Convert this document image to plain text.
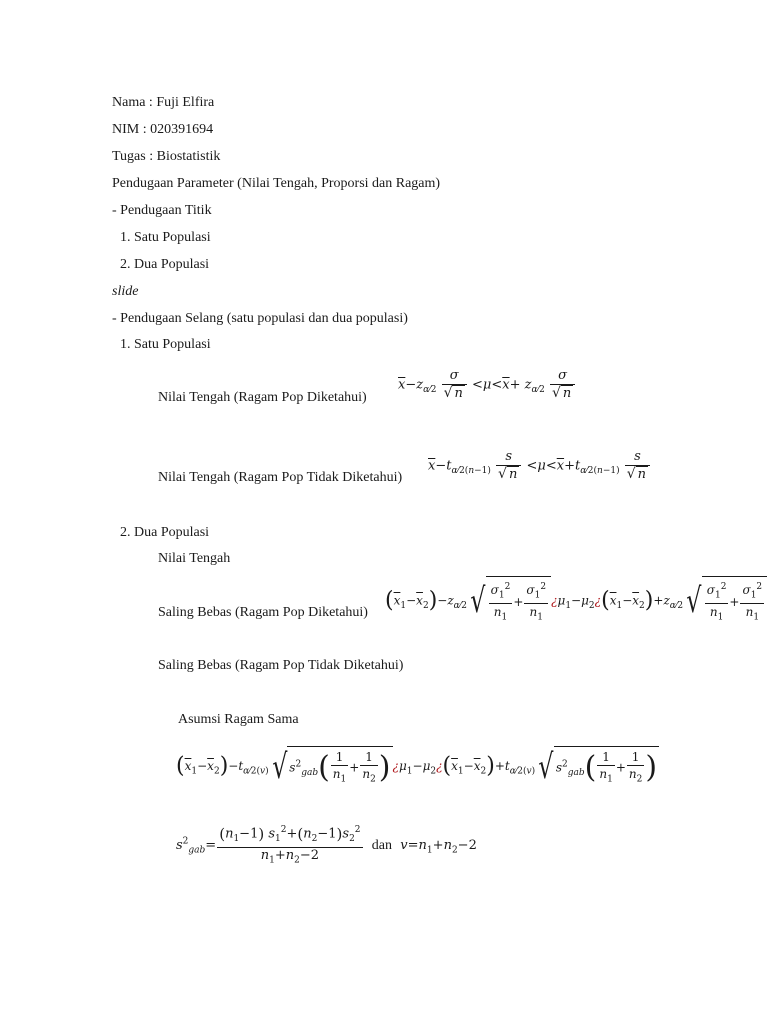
Nama : Fuji Elfira
NIM : 020391694
Tugas : Biostatistik
Pendugaan Parameter (Nilai Tengah, Proporsi dan Ragam)
- Pendugaan Titik
1. Satu Populasi
2. Dua Populasi
slide
- Pendugaan Selang (satu populasi dan dua populasi)
1. Satu Populasi
Nilai Tengah (Ragam Pop Diketahui)
$\overline{x}-z_{\alpha⁄2} \frac{\sigma}{√ n} <\mu<\overline{x}+ z_{\alpha⁄2} \frac{\sigma}{√ n}$
Nilai Tengah (Ragam Pop Tidak Diketahui)
$\overline{x}-t_{\alpha⁄2(n-1)} \frac{s}{√ n} <\mu<\overline{x}+t_{\alpha⁄2(n-1)} \frac{s}{√ n}$
2. Dua Populasi
Nilai Tengah
Saling Bebas (Ragam Pop Diketahui) $(\overline{x}_1-\overline{x}_2)-z_{\alpha⁄2}√ \frac{\sigma_1^2}{n_1} + \frac{\sigma_1^2}{n_1}$ ¿$\mu_1-\mu_2¿(\overline{x}_1-\overline{x}_2)+z_{\alpha⁄2}√ \frac{\sigma_1^2}{n_1} + \frac{\sigma_1^2}{n_1}$
Saling Bebas (Ragam Pop Tidak Diketahui)
Asumsi Ragam Sama
$(\overline{x}_1-\overline{x}_2)-t_{\alpha⁄2(v)}√$ $s^2_{gab}( \frac{1}{n_1} + \frac{1}{n_2}$ ) ¿$\mu_1-\mu_2¿(\overline{x}_1-\overline{x}_2)+t_{\alpha⁄2(v)}√$ $s^2_{gab}( \frac{1}{n_1} + \frac{1}{n_2}$ )
$s^2_{gab}= \frac{(n_1-1) s_1^2+(n_2-1)s_2^2}{n_1+n_2-2}$ dan $v=n_1+n_2-2$
